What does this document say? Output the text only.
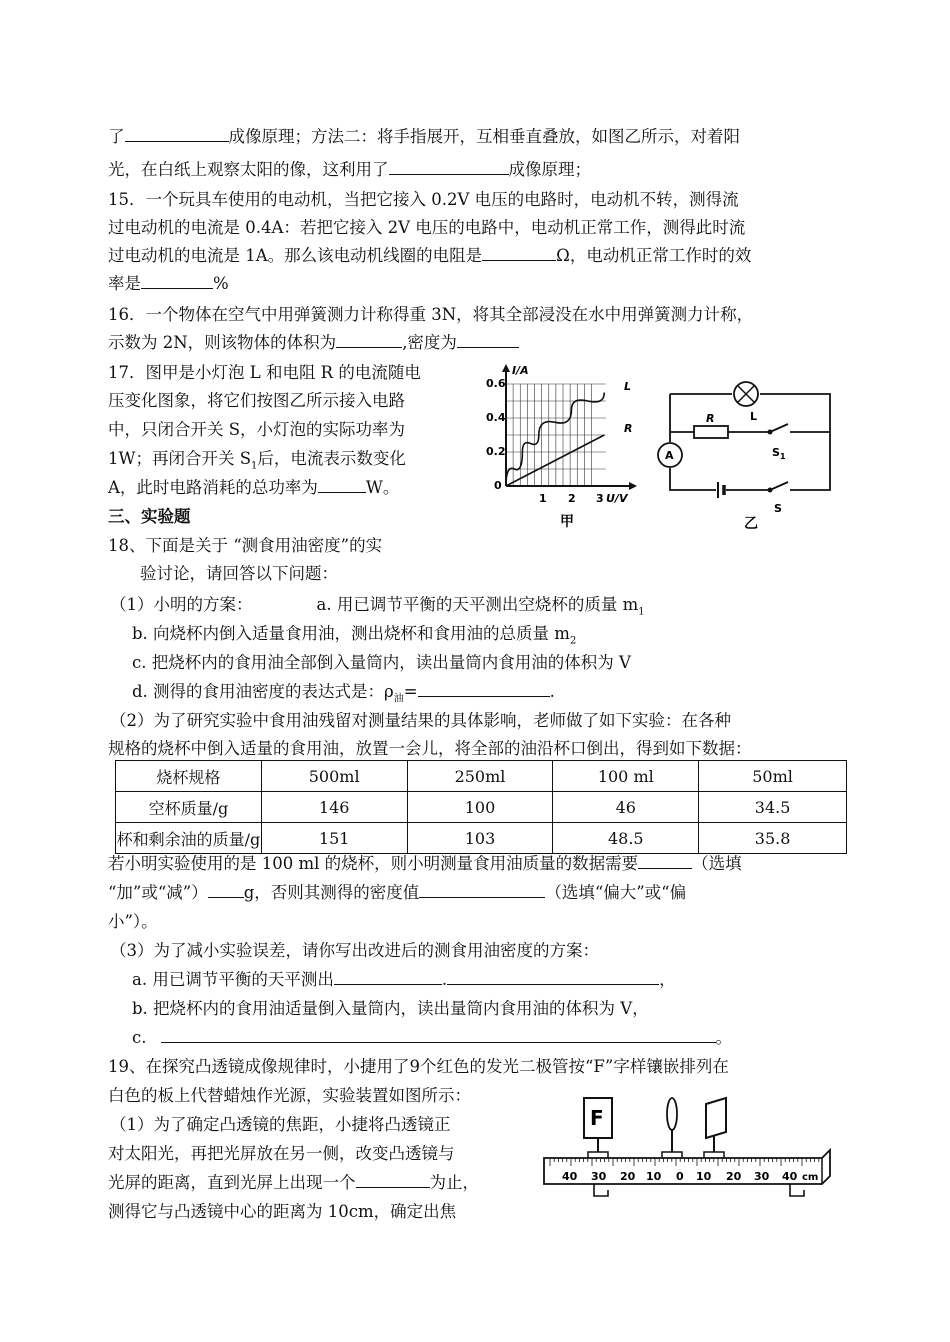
了	成像原理；方法二：将手指展开，互相垂直叠放，如图乙所示，对着阳
光，在白纸上观察太阳的像，这利用了	成像原理；
15．一个玩具车使用的电动机，当把它接入 0.2V 电压的电路时，电动机不转，测得流
过电动机的电流是 0.4A：若把它接入 2V 电压的电路中，电动机正常工作，测得此时流
过电动机的电流是 1A。那么该电动机线圈的电阻是	Ω，电动机正常工作时的效
率是	%
16．一个物体在空气中用弹簧测力计称得重 3N，将其全部浸没在水中用弹簧测力计称，
示数为 2N，则该物体的体积为	,密度为
17．图甲是小灯泡 L 和电阻 R 的电流随电
压变化图象，将它们按图乙所示接入电路
中，只闭合开关 S，小灯泡的实际功率为
1W；再闭合开关 $S_1$后，电流表示数变化
A，此时电路消耗的总功率为	W。
三、实验题
18、下面是关于 “测食用油密度”的实
验讨论，请回答以下问题：
（1）小明的方案：	a. 用已调节平衡的天平测出空烧杯的质量 $m_1$
b. 向烧杯内倒入适量食用油，测出烧杯和食用油的总质量 $m_2$
c. 把烧杯内的食用油全部倒入量筒内，读出量筒内食用油的体积为 V
d. 测得的食用油密度的表达式是：$\rho_油=$	.
（2）为了研究实验中食用油残留对测量结果的具体影响，老师做了如下实验：在各种
规格的烧杯中倒入适量的食用油，放置一会儿，将全部的油沿杯口倒出，得到如下数据：
烧杯规格	500ml	250ml	100 ml	50ml
空杯质量/g	146	100	46	34.5
杯和剩余油的质量/g	151	103	48.5	35.8
若小明实验使用的是 100 ml 的烧杯，则小明测量食用油质量的数据需要	（选填
“加”或“减”） g，否则其测得的密度值	（选填“偏大”或“偏
小”）。
（3）为了减小实验误差，请你写出改进后的测食用油密度的方案：
a. 用已调节平衡的天平测出	.	，
b. 把烧杯内的食用油适量倒入量筒内，读出量筒内食用油的体积为 V，
c.	。
19、在探究凸透镜成像规律时，小捷用了9个红色的发光二极管按“F”字样镶嵌排列在
白色的板上代替蜡烛作光源，实验装置如图所示：
（1）为了确定凸透镜的焦距，小捷将凸透镜正
对太阳光，再把光屏放在另一侧，改变凸透镜与
光屏的距离，直到光屏上出现一个	为止，
测得它与凸透镜中心的距离为 10cm，确定出焦
I/A
0.6
0.4
0.2
0
1 2 3 U/V
L
R
甲
L
R
$S_1$
A
S
乙
F
40 30 20 10 0 10 20 30 40 cm
